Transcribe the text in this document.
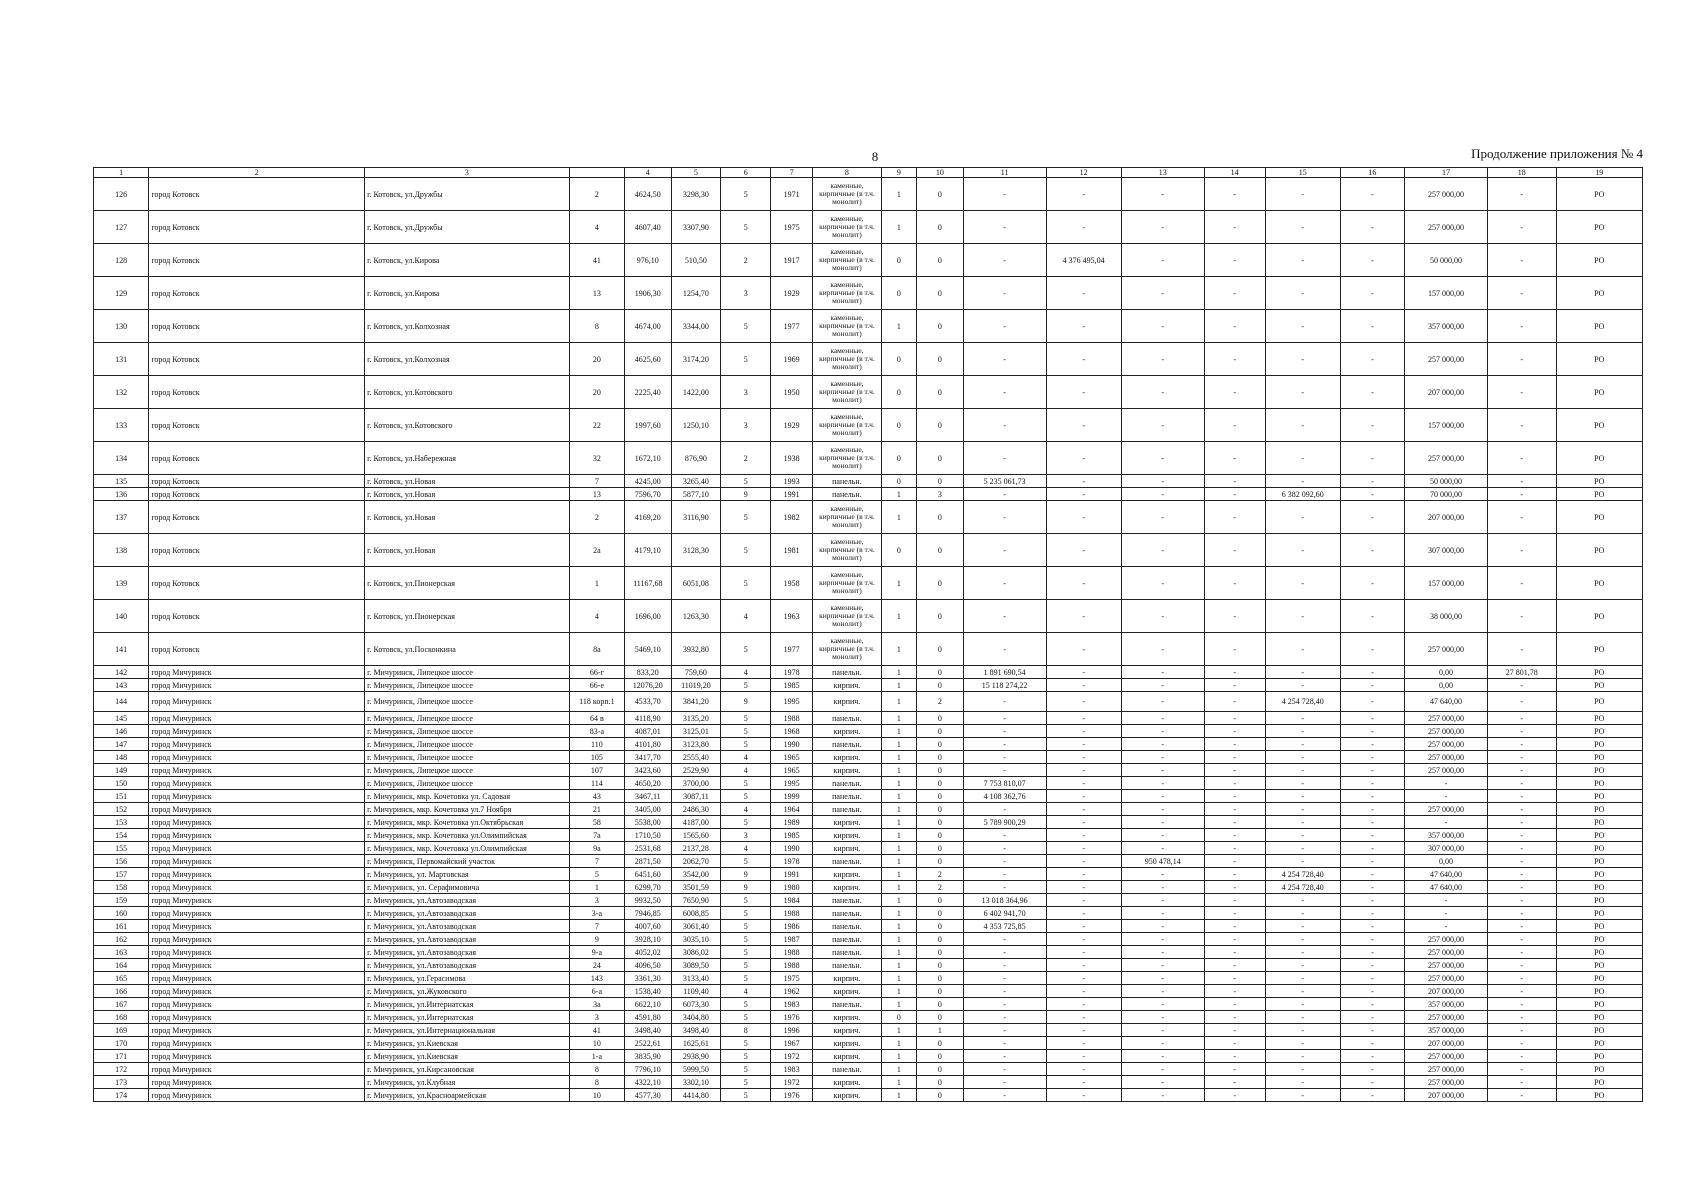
8	Продолжение приложения № 4
1	2	3		4	5	6	7	8	9	10	11	12	13	14	15	16	17	18	19
126	город Котовск	г. Котовск, ул.Дружбы	2	4624,50	3298,30	5	1971	каменные, кирпичные (в т.ч. монолит)	1	0	-	-	-	-	-	-	257 000,00	-	РО
127	город Котовск	г. Котовск, ул.Дружбы	4	4607,40	3307,90	5	1975	каменные, кирпичные (в т.ч. монолит)	1	0	-	-	-	-	-	-	257 000,00	-	РО
128	город Котовск	г. Котовск, ул.Кирова	41	976,10	510,50	2	1917	каменные, кирпичные (в т.ч. монолит)	0	0	-	4 376 495,04	-	-	-	-	50 000,00	-	РО
129	город Котовск	г. Котовск, ул.Кирова	13	1906,30	1254,70	3	1929	каменные, кирпичные (в т.ч. монолит)	0	0	-	-	-	-	-	-	157 000,00	-	РО
130	город Котовск	г. Котовск, ул.Колхозная	8	4674,00	3344,00	5	1977	каменные, кирпичные (в т.ч. монолит)	1	0	-	-	-	-	-	-	357 000,00	-	РО
131	город Котовск	г. Котовск, ул.Колхозная	20	4625,60	3174,20	5	1969	каменные, кирпичные (в т.ч. монолит)	0	0	-	-	-	-	-	-	257 000,00	-	РО
132	город Котовск	г. Котовск, ул.Котовского	20	2225,40	1422,00	3	1950	каменные, кирпичные (в т.ч. монолит)	0	0	-	-	-	-	-	-	207 000,00	-	РО
133	город Котовск	г. Котовск, ул.Котовского	22	1997,60	1250,10	3	1929	каменные, кирпичные (в т.ч. монолит)	0	0	-	-	-	-	-	-	157 000,00	-	РО
134	город Котовск	г. Котовск, ул.Набережная	32	1672,10	876,90	2	1938	каменные, кирпичные (в т.ч. монолит)	0	0	-	-	-	-	-	-	257 000,00	-	РО
135	город Котовск	г. Котовск, ул.Новая	7	4245,00	3265,40	5	1993	панельн.	0	0	5 235 061,73	-	-	-	-	-	50 000,00	-	РО
136	город Котовск	г. Котовск, ул.Новая	13	7596,70	5877,10	9	1991	панельн.	1	3	-	-	-	-	6 382 092,60	-	70 000,00	-	РО
137	город Котовск	г. Котовск, ул.Новая	2	4169,20	3116,90	5	1982	каменные, кирпичные (в т.ч. монолит)	1	0	-	-	-	-	-	-	207 000,00	-	РО
138	город Котовск	г. Котовск, ул.Новая	2а	4179,10	3128,30	5	1981	каменные, кирпичные (в т.ч. монолит)	0	0	-	-	-	-	-	-	307 000,00	-	РО
139	город Котовск	г. Котовск, ул.Пионерская	1	11167,68	6051,08	5	1958	каменные, кирпичные (в т.ч. монолит)	1	0	-	-	-	-	-	-	157 000,00	-	РО
140	город Котовск	г. Котовск, ул.Пионерская	4	1696,00	1263,30	4	1963	каменные, кирпичные (в т.ч. монолит)	1	0	-	-	-	-	-	-	38 000,00	-	РО
141	город Котовск	г. Котовск, ул.Посконкина	8а	5469,10	3932,80	5	1977	каменные, кирпичные (в т.ч. монолит)	1	0	-	-	-	-	-	-	257 000,00	-	РО
142	город Мичуринск	г. Мичуринск, Липецкое шоссе	66-г	833,20	759,60	4	1978	панельн.	1	0	1 891 690,54	-	-	-	-	-	0,00	27 801,78	РО
143	город Мичуринск	г. Мичуринск, Липецкое шоссе	66-е	12076,20	11019,20	5	1985	кирпич.	1	0	15 118 274,22	-	-	-	-	-	0,00	-	РО
144	город Мичуринск	г. Мичуринск, Липецкое шоссе	118 корп.1	4533,70	3841,20	9	1995	кирпич.	1	2	-	-	-	-	4 254 728,40	-	47 640,00	-	РО
145	город Мичуринск	г. Мичуринск, Липецкое шоссе	64 в	4118,90	3135,20	5	1988	панельн.	1	0	-	-	-	-	-	-	257 000,00	-	РО
146	город Мичуринск	г. Мичуринск, Липецкое шоссе	83-а	4087,01	3125,01	5	1968	кирпич.	1	0	-	-	-	-	-	-	257 000,00	-	РО
147	город Мичуринск	г. Мичуринск, Липецкое шоссе	110	4101,80	3123,80	5	1990	панельн.	1	0	-	-	-	-	-	-	257 000,00	-	РО
148	город Мичуринск	г. Мичуринск, Липецкое шоссе	105	3417,70	2555,40	4	1965	кирпич.	1	0	-	-	-	-	-	-	257 000,00	-	РО
149	город Мичуринск	г. Мичуринск, Липецкое шоссе	107	3423,60	2529,90	4	1965	кирпич.	1	0	-	-	-	-	-	-	257 000,00	-	РО
150	город Мичуринск	г. Мичуринск, Липецкое шоссе	114	4650,20	3700,00	5	1995	панельн.	1	0	7 753 810,07	-	-	-	-	-	-	-	РО
151	город Мичуринск	г. Мичуринск, мкр. Кочетовка ул. Садовая	43	3467,11	3087,11	5	1999	панельн.	1	0	4 108 362,76	-	-	-	-	-	-	-	РО
152	город Мичуринск	г. Мичуринск, мкр. Кочетовка ул.7 Ноября	21	3405,00	2486,30	4	1964	панельн.	1	0	-	-	-	-	-	-	257 000,00	-	РО
153	город Мичуринск	г. Мичуринск, мкр. Кочетовка ул.Октябрьская	58	5538,00	4187,00	5	1989	кирпич.	1	0	5 789 900,29	-	-	-	-	-	-	-	РО
154	город Мичуринск	г. Мичуринск, мкр. Кочетовка ул.Олимпийская	7а	1710,50	1565,60	3	1985	кирпич.	1	0	-	-	-	-	-	-	357 000,00	-	РО
155	город Мичуринск	г. Мичуринск, мкр. Кочетовка ул.Олимпийская	9а	2531,68	2137,28	4	1990	кирпич.	1	0	-	-	-	-	-	-	307 000,00	-	РО
156	город Мичуринск	г. Мичуринск, Первомайский участок	7	2871,50	2062,70	5	1978	панельн.	1	0	-	-	950 478,14	-	-	-	0,00	-	РО
157	город Мичуринск	г. Мичуринск, ул. Мартовская	5	6451,60	3542,00	9	1991	кирпич.	1	2	-	-	-	-	4 254 728,40	-	47 640,00	-	РО
158	город Мичуринск	г. Мичуринск, ул. Серафимовича	1	6299,70	3501,59	9	1980	кирпич.	1	2	-	-	-	-	4 254 728,40	-	47 640,00	-	РО
159	город Мичуринск	г. Мичуринск, ул.Автозаводская	3	9932,50	7650,90	5	1984	панельн.	1	0	13 018 364,96	-	-	-	-	-	-	-	РО
160	город Мичуринск	г. Мичуринск, ул.Автозаводская	3-а	7946,85	6008,85	5	1988	панельн.	1	0	6 402 941,70	-	-	-	-	-	-	-	РО
161	город Мичуринск	г. Мичуринск, ул.Автозаводская	7	4007,60	3061,40	5	1986	панельн.	1	0	4 353 725,85	-	-	-	-	-	-	-	РО
162	город Мичуринск	г. Мичуринск, ул.Автозаводская	9	3928,10	3035,10	5	1987	панельн.	1	0	-	-	-	-	-	-	257 000,00	-	РО
163	город Мичуринск	г. Мичуринск, ул.Автозаводская	9-а	4052,02	3086,02	5	1988	панельн.	1	0	-	-	-	-	-	-	257 000,00	-	РО
164	город Мичуринск	г. Мичуринск, ул.Автозаводская	24	4096,50	3089,50	5	1988	панельн.	1	0	-	-	-	-	-	-	257 000,00	-	РО
165	город Мичуринск	г. Мичуринск, ул.Герасимова	143	3361,30	3133,40	5	1975	кирпич.	1	0	-	-	-	-	-	-	257 000,00	-	РО
166	город Мичуринск	г. Мичуринск, ул.Жуковского	6-а	1538,40	1109,40	4	1962	кирпич.	1	0	-	-	-	-	-	-	207 000,00	-	РО
167	город Мичуринск	г. Мичуринск, ул.Интернатская	3а	6622,10	6073,30	5	1983	панельн.	1	0	-	-	-	-	-	-	357 000,00	-	РО
168	город Мичуринск	г. Мичуринск, ул.Интернатская	3	4591,80	3404,80	5	1976	кирпич.	0	0	-	-	-	-	-	-	257 000,00	-	РО
169	город Мичуринск	г. Мичуринск, ул.Интернациональная	41	3498,40	3498,40	8	1996	кирпич.	1	1	-	-	-	-	-	-	357 000,00	-	РО
170	город Мичуринск	г. Мичуринск, ул.Киевская	10	2522,61	1625,61	5	1967	кирпич.	1	0	-	-	-	-	-	-	207 000,00	-	РО
171	город Мичуринск	г. Мичуринск, ул.Киевская	1-а	3835,90	2938,90	5	1972	кирпич.	1	0	-	-	-	-	-	-	257 000,00	-	РО
172	город Мичуринск	г. Мичуринск, ул.Кирсановская	8	7796,10	5999,50	5	1983	панельн.	1	0	-	-	-	-	-	-	257 000,00	-	РО
173	город Мичуринск	г. Мичуринск, ул.Клубная	8	4322,10	3302,10	5	1972	кирпич.	1	0	-	-	-	-	-	-	257 000,00	-	РО
174	город Мичуринск	г. Мичуринск, ул.Красноармейская	10	4577,30	4414,80	5	1976	кирпич.	1	0	-	-	-	-	-	-	207 000,00	-	РО
